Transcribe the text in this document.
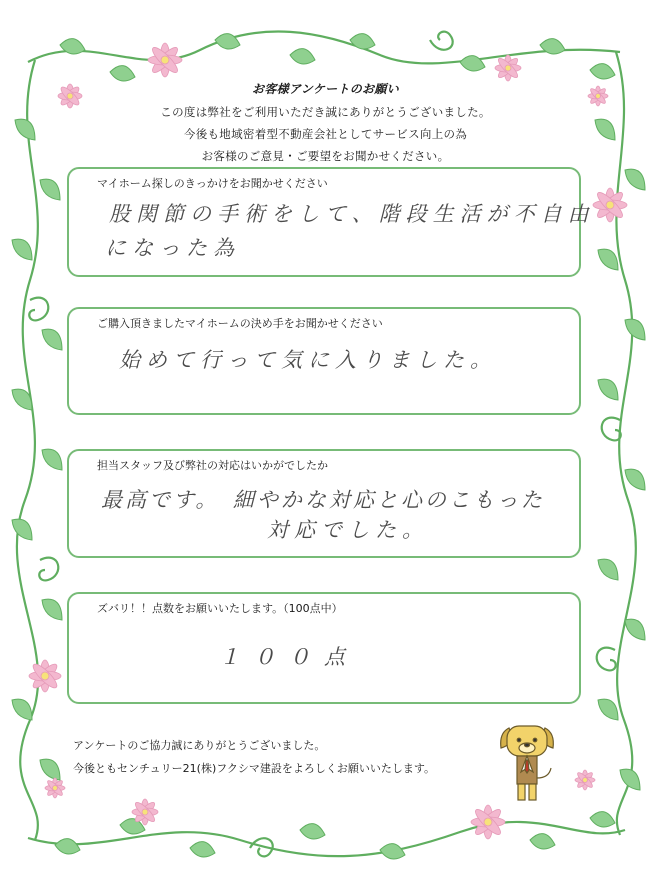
お客様アンケートのお願い
この度は弊社をご利用いただき誠にありがとうございました。
今後も地域密着型不動産会社としてサービス向上の為
お客様のご意見・ご要望をお聞かせください。
マイホーム探しのきっかけをお聞かせください
股関節の手術をして、階段生活が不自由
になった為
ご購入頂きましたマイホームの決め手をお聞かせください
始めて行って気に入りました。
担当スタッフ及び弊社の対応はいかがでしたか
最高です。　細やかな対応と心のこもった
対応でした。
ズバリ！！点数をお願いいたします。（100点中）
１００点
アンケートのご協力誠にありがとうございました。
今後ともセンチュリー21(株)フクシマ建設をよろしくお願いいたします。
